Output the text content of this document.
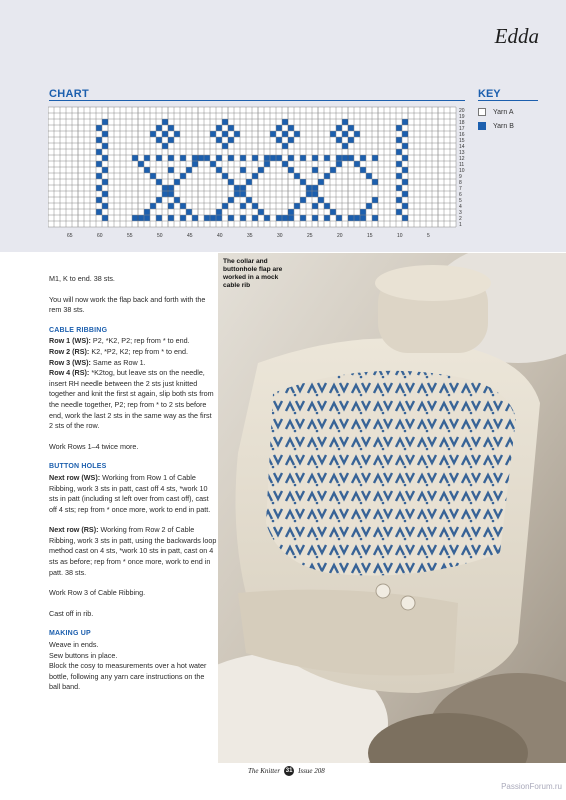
Edda
CHART
20
19
18
17
16
15
14
13
12
11
10
9
8
7
6
5
4
3
2
1
65	60	55	50	45	40	35	30	25	20	15	10	5
KEY
Yarn A
Yarn B
The collar and buttonhole flap are worked in a mock cable rib

M1, K to end. 38 sts.

You will now work the flap back and forth with the rem 38 sts.

CABLE RIBBING
Row 1 (WS): P2, *K2, P2; rep from * to end.
Row 2 (RS): K2, *P2, K2; rep from * to end.
Row 3 (WS): Same as Row 1.

Row 4 (RS): *K2tog, but leave sts on the needle, insert RH needle between the 2 sts just knitted together and knit the first st again, slip both sts from the needle together, P2; rep from * to 2 sts before end, work the last 2 sts in the same way as the first 2 sts of the row.

Work Rows 1–4 twice more.

BUTTON HOLES

Next row (WS): Working from Row 1 of Cable Ribbing, work 3 sts in patt, cast off 4 sts, *work 10 sts in patt (including st left over from cast off), cast off 4 sts; rep from * once more, work to end in patt.

Next row (RS): Working from Row 2 of Cable Ribbing, work 3 sts in patt, using the backwards loop method cast on 4 sts, *work 10 sts in patt, cast on 4 sts as before; rep from * once more, work to end in patt. 38 sts.

Work Row 3 of Cable Ribbing.

Cast off in rib.

MAKING UP
Weave in ends.
Sew buttons in place.
Block the cosy to measurements over a hot water bottle, following any yarn care instructions on the ball band.
The Knitter 31 Issue 208
PassionForum.ru
